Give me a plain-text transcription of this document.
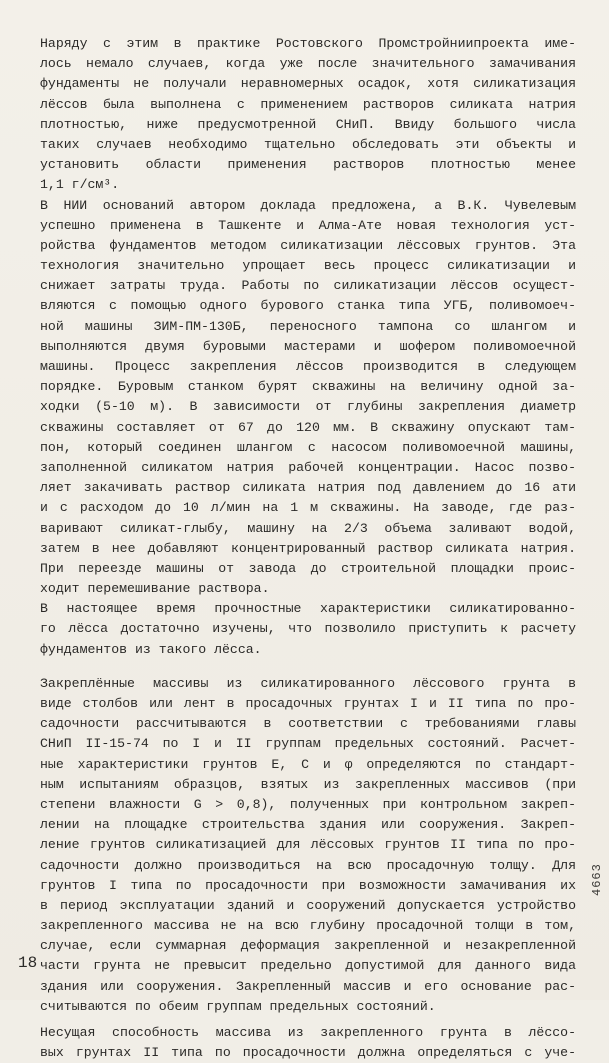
Наряду с этим в практике Ростовского Промстройниипроекта име-
лось немало случаев, когда уже после значительного замачивания
фундаменты не получали неравномерных осадок, хотя силикатизация
лёссов была выполнена с применением растворов силиката натрия
плотностью, ниже предусмотренной СНиП. Ввиду большого числа
таких случаев необходимо тщательно обследовать эти объекты и
установить области применения растворов плотностью менее
1,1 г/см³.
В НИИ оснований автором доклада предложена, а В.К. Чувелевым
успешно применена в Ташкенте и Алма-Ате новая технология уст-
ройства фундаментов методом силикатизации лёссовых грунтов. Эта
технология значительно упрощает весь процесс силикатизации и
снижает затраты труда. Работы по силикатизации лёссов осущест-
вляются с помощью одного бурового станка типа УГБ, поливомоеч-
ной машины ЗИМ-ПМ-130Б, переносного тампона со шлангом и
выполняются двумя буровыми мастерами и шофером поливомоечной
машины. Процесс закрепления лёссов производится в следующем
порядке. Буровым станком бурят скважины на величину одной за-
ходки (5-10 м). В зависимости от глубины закрепления диаметр
скважины составляет от 67 до 120 мм. В скважину опускают там-
пон, который соединен шлангом с насосом поливомоечной машины,
заполненной силикатом натрия рабочей концентрации. Насос позво-
ляет закачивать раствор силиката натрия под давлением до 16 ати
и с расходом до 10 л/мин на 1 м скважины. На заводе, где раз-
варивают силикат-глыбу, машину на 2/3 объема заливают водой,
затем в нее добавляют концентрированный раствор силиката натрия.
При переезде машины от завода до строительной площадки проис-
ходит перемешивание раствора.
В настоящее время прочностные характеристики силикатированно-
го лёсса достаточно изучены, что позволило приступить к расчету
фундаментов из такого лёсса.
Закреплённые массивы из силикатированного лёссового грунта в
виде столбов или лент в просадочных грунтах I и II типа по про-
садочности рассчитываются в соответствии с требованиями главы
СНиП II-15-74 по I и II группам предельных состояний. Расчет-
ные характеристики грунтов Е, С и φ определяются по стандарт-
ным испытаниям образцов, взятых из закрепленных массивов (при
степени влажности G > 0,8), полученных при контрольном закреп-
лении на площадке строительства здания или сооружения. Закреп-
ление грунтов силикатизацией для лёссовых грунтов II типа по про-
садочности должно производиться на всю просадочную толщу. Для
грунтов I типа по просадочности при возможности замачивания их
в период эксплуатации зданий и сооружений допускается устройство
закрепленного массива не на всю глубину просадочной толщи в том,
случае, если суммарная деформация закрепленной и незакрепленной
части грунта не превысит предельно допустимой для данного вида
здания или сооружения. Закрепленный массив и его основание рас-
считываются по обеим группам предельных состояний.
Несущая способность массива из закрепленного грунта в лёссо-
вых грунтах II типа по просадочности должна определяться с уче-
18
4663
